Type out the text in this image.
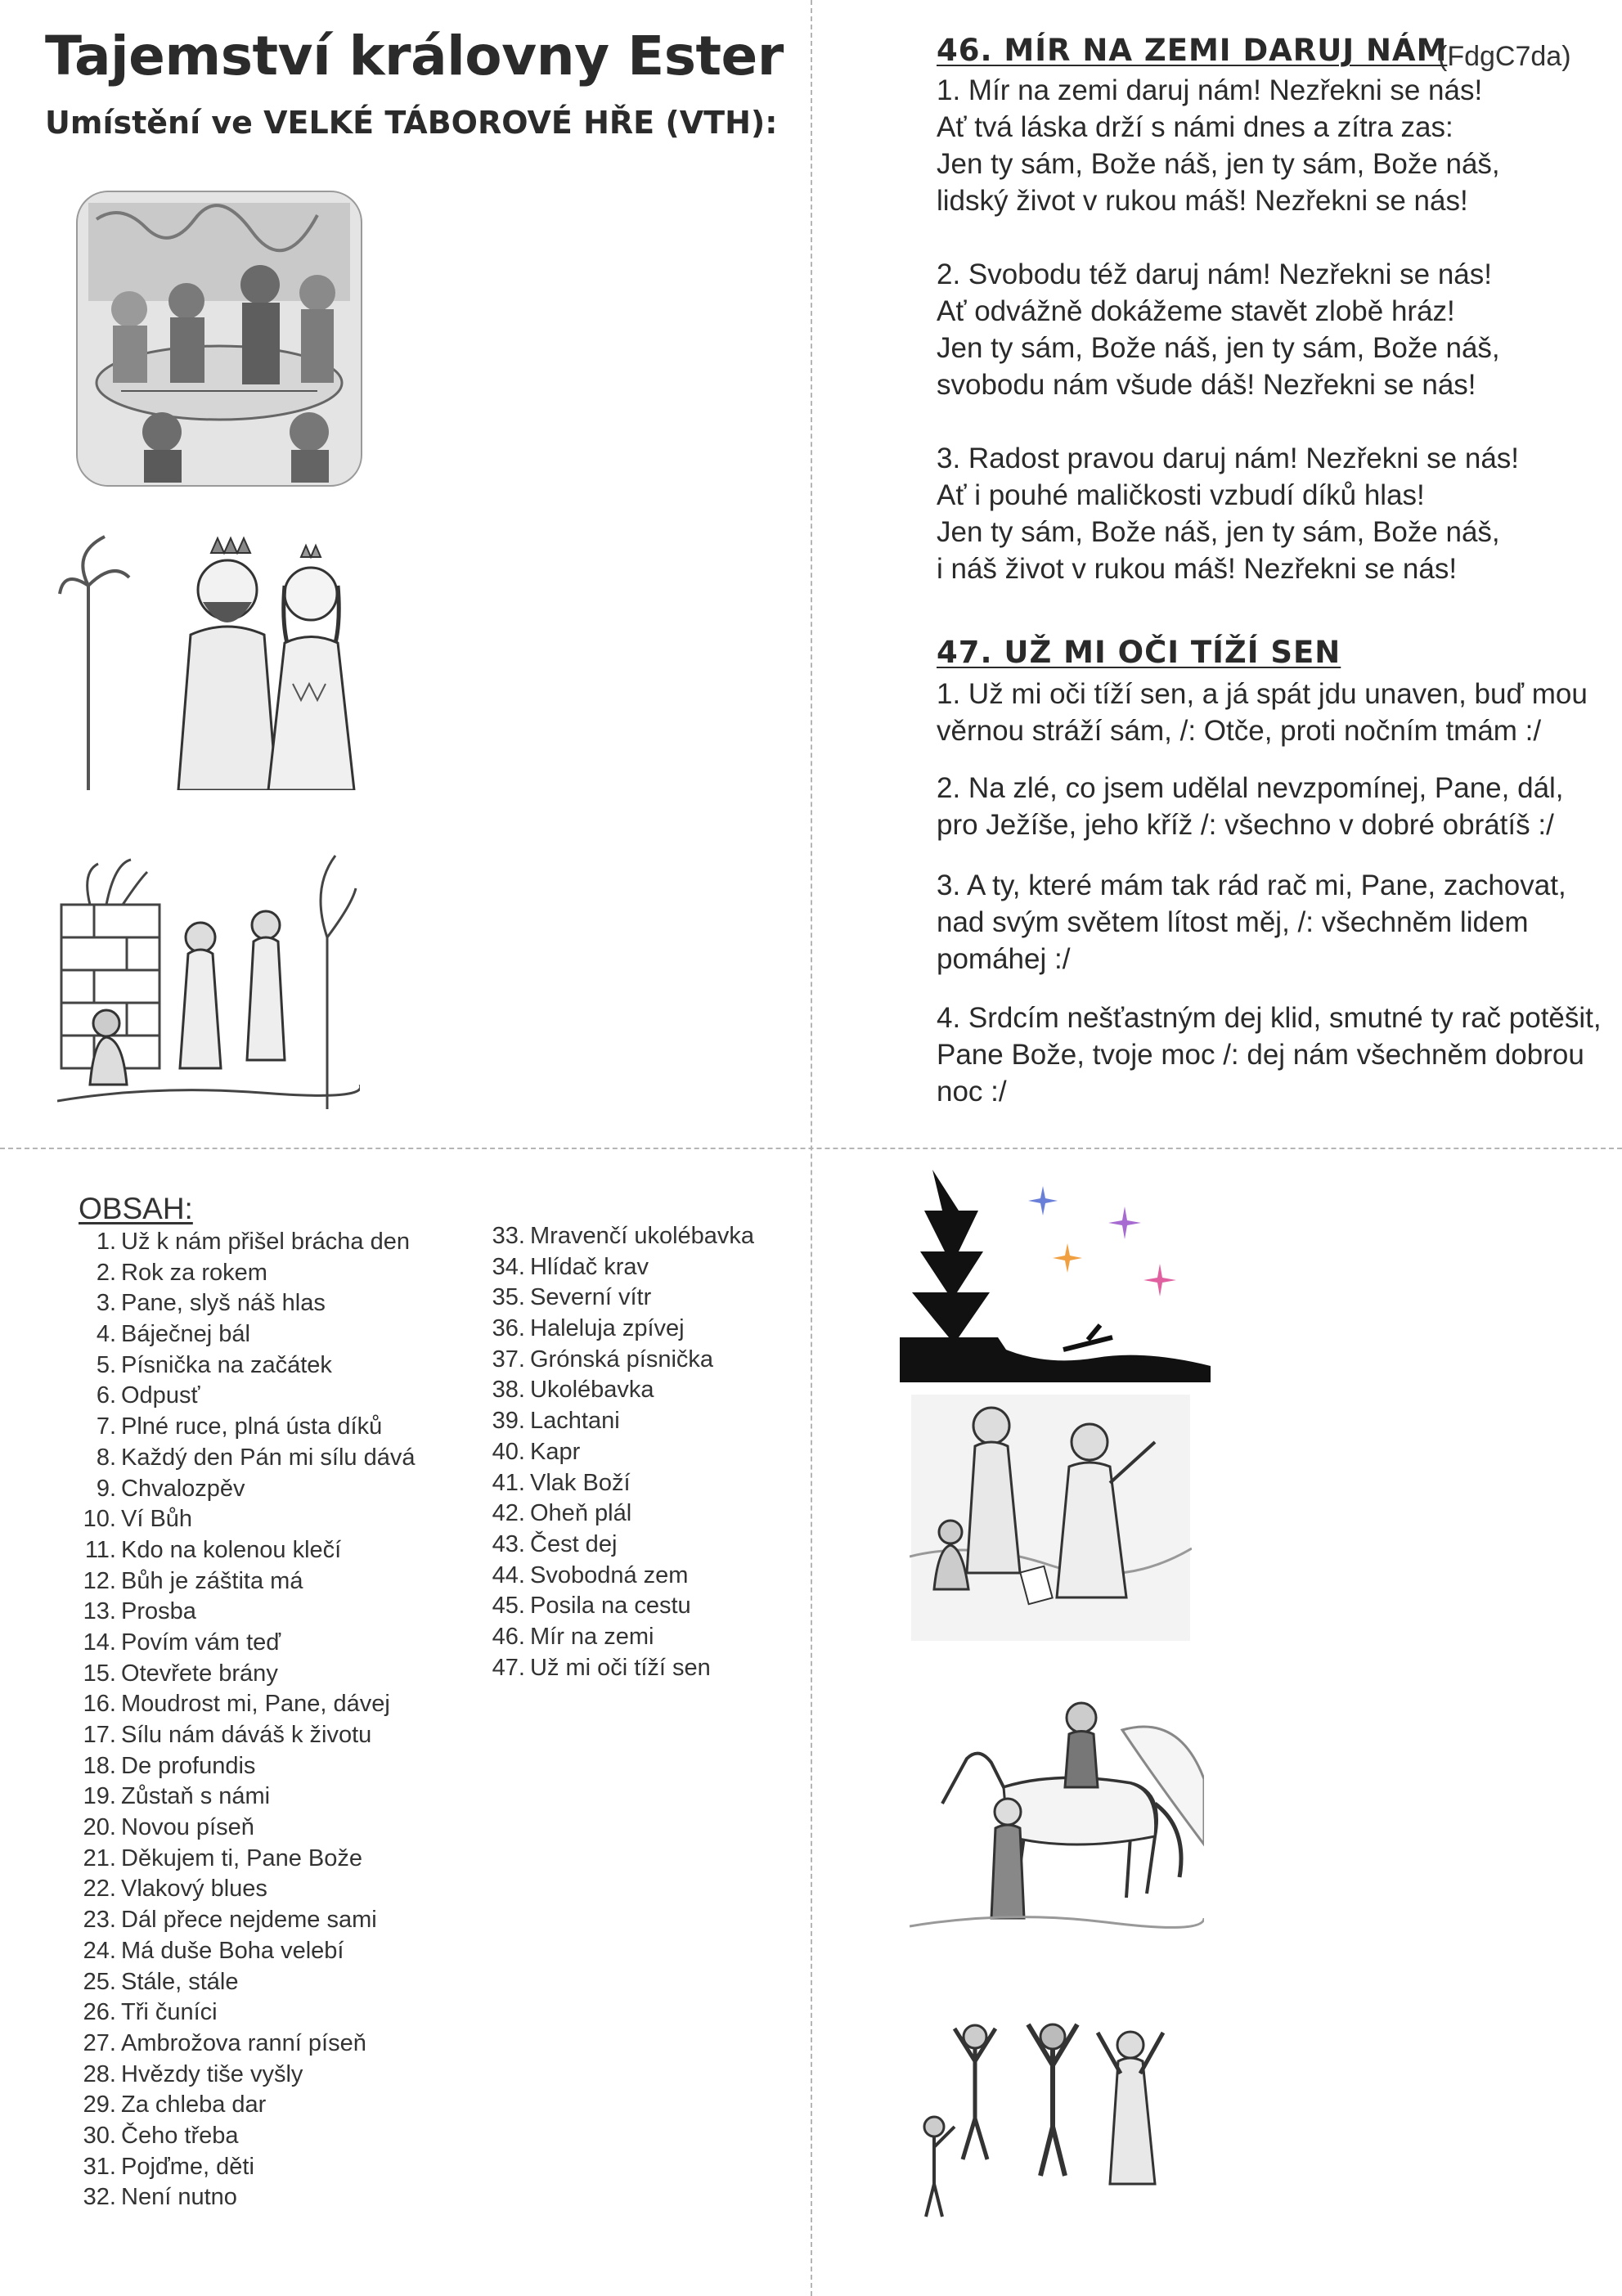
Tajemství královny Ester
Umístění ve VELKÉ TÁBOROVÉ HŘE (VTH):
46. MÍR NA ZEMI DARUJ NÁM
(FdgC7da)
1. Mír na zemi daruj nám! Nezřekni se nás!
Ať tvá láska drží s námi dnes a zítra zas:
Jen ty sám, Bože náš, jen ty sám, Bože náš,
lidský život v rukou máš! Nezřekni se nás!
2. Svobodu též daruj nám! Nezřekni se nás!
Ať odvážně dokážeme stavět zlobě hráz!
Jen ty sám, Bože náš, jen ty sám, Bože náš,
svobodu nám všude dáš! Nezřekni se nás!
3. Radost pravou daruj nám! Nezřekni se nás!
Ať i pouhé maličkosti vzbudí díků hlas!
Jen ty sám, Bože náš, jen ty sám, Bože náš,
i náš život v rukou máš! Nezřekni se nás!
47. UŽ MI OČI TÍŽÍ SEN
1. Už mi oči tíží sen, a já spát jdu unaven, buď mou
věrnou stráží sám, /: Otče, proti nočním tmám :/
2. Na zlé, co jsem udělal nevzpomínej, Pane, dál,
pro Ježíše, jeho kříž /: všechno v dobré obrátíš :/
3. A ty, které mám tak rád rač mi, Pane, zachovat,
nad svým světem lítost měj, /: všechněm lidem
pomáhej :/
4. Srdcím nešťastným dej klid, smutné ty rač potěšit,
Pane Bože, tvoje moc /: dej nám všechněm dobrou
noc :/
OBSAH:
1. Už k nám přišel brácha den
2. Rok za rokem
3. Pane, slyš náš hlas
4. Báječnej bál
5. Písnička na začátek
6. Odpusť
7. Plné ruce, plná ústa díků
8. Každý den Pán mi sílu dává
9. Chvalozpěv
10. Ví Bůh
11. Kdo na kolenou klečí
12. Bůh je záštita má
13. Prosba
14. Povím vám teď
15. Otevřete brány
16. Moudrost mi, Pane, dávej
17. Sílu nám dáváš k životu
18. De profundis
19. Zůstaň s námi
20. Novou píseň
21. Děkujem ti, Pane Bože
22. Vlakový blues
23. Dál přece nejdeme sami
24. Má duše Boha velebí
25. Stále, stále
26. Tři čuníci
27. Ambrožova ranní píseň
28. Hvězdy tiše vyšly
29. Za chleba dar
30. Čeho třeba
31. Pojďme, děti
32. Není nutno
33. Mravenčí ukolébavka
34. Hlídač krav
35. Severní vítr
36. Haleluja zpívej
37. Grónská písnička
38. Ukolébavka
39. Lachtani
40. Kapr
41. Vlak Boží
42. Oheň plál
43. Čest dej
44. Svobodná zem
45. Posila na cestu
46. Mír na zemi
47. Už mi oči tíží sen
